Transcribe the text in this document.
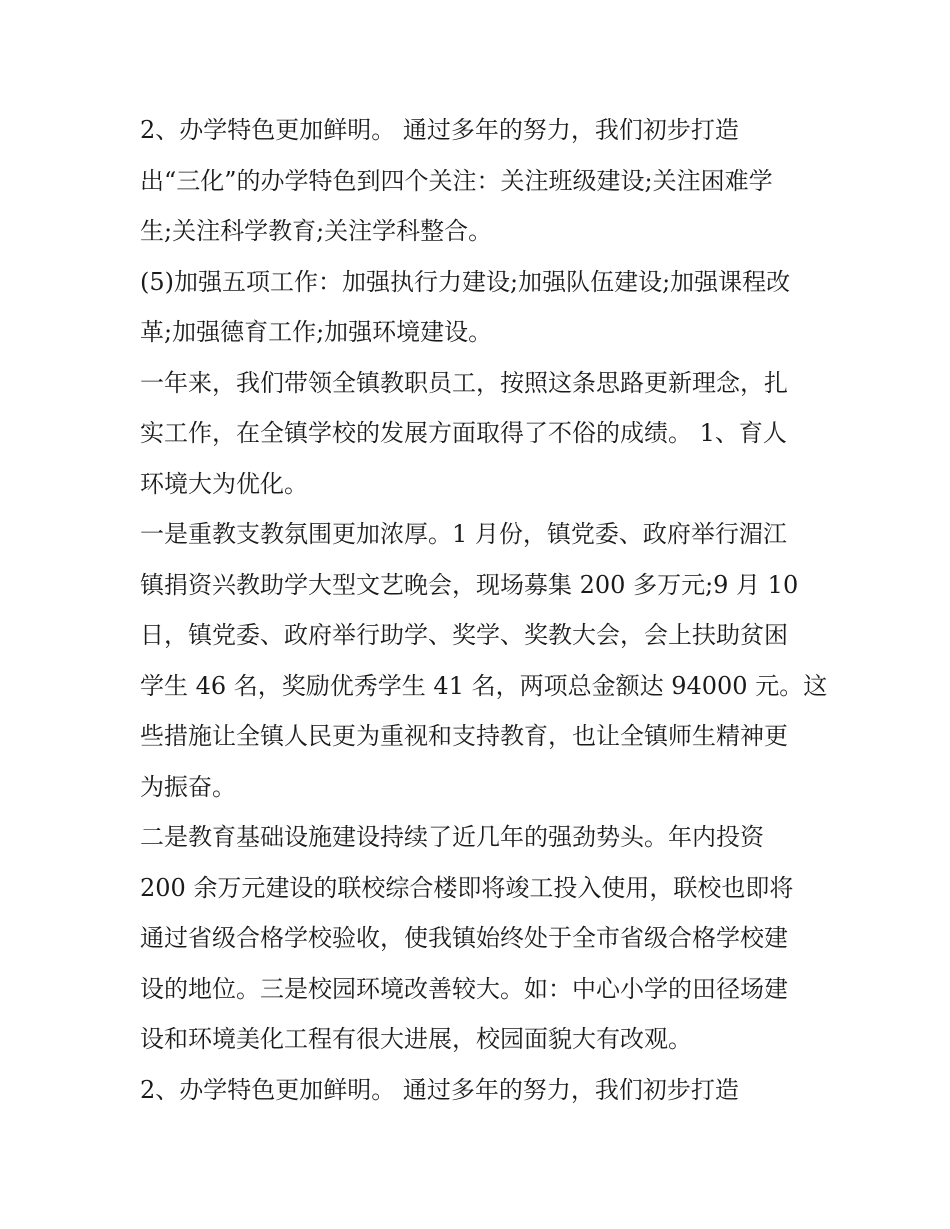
2、办学特色更加鲜明。 通过多年的努力，我们初步打造
出“三化”的办学特色到四个关注：关注班级建设;关注困难学
生;关注科学教育;关注学科整合。
(5)加强五项工作：加强执行力建设;加强队伍建设;加强课程改
革;加强德育工作;加强环境建设。
一年来，我们带领全镇教职员工，按照这条思路更新理念，扎
实工作，在全镇学校的发展方面取得了不俗的成绩。 1、育人
环境大为优化。
一是重教支教氛围更加浓厚。1 月份，镇党委、政府举行湄江
镇捐资兴教助学大型文艺晚会，现场募集 200 多万元;9 月 10
日，镇党委、政府举行助学、奖学、奖教大会，会上扶助贫困
学生 46 名，奖励优秀学生 41 名，两项总金额达 94000 元。这
些措施让全镇人民更为重视和支持教育，也让全镇师生精神更
为振奋。
二是教育基础设施建设持续了近几年的强劲势头。年内投资
200 余万元建设的联校综合楼即将竣工投入使用，联校也即将
通过省级合格学校验收，使我镇始终处于全市省级合格学校建
设的地位。三是校园环境改善较大。如：中心小学的田径场建
设和环境美化工程有很大进展，校园面貌大有改观。
2、办学特色更加鲜明。 通过多年的努力，我们初步打造
